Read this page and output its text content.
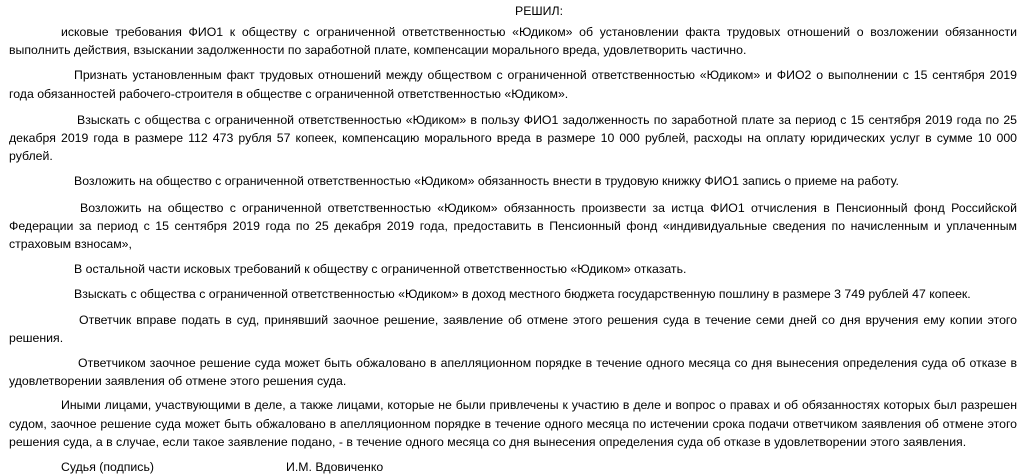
РЕШИЛ:

исковые требования ФИО1 к обществу с ограниченной ответственностью «Юдиком» об установлении факта трудовых отношений о возложении обязанности выполнить действия, взыскании задолженности по заработной плате, компенсации морального вреда, удовлетворить частично.

Признать установленным факт трудовых отношений между обществом с ограниченной ответственностью «Юдиком» и ФИО2 о выполнении с 15 сентября 2019 года обязанностей рабочего-строителя в обществе с ограниченной ответственностью «Юдиком».

Взыскать с общества с ограниченной ответственностью «Юдиком» в пользу ФИО1 задолженность по заработной плате за период с 15 сентября 2019 года по 25 декабря 2019 года в размере 112 473 рубля 57 копеек, компенсацию морального вреда в размере 10 000 рублей, расходы на оплату юридических услуг в сумме 10 000 рублей.

Возложить на общество с ограниченной ответственностью «Юдиком» обязанность внести в трудовую книжку ФИО1 запись о приеме на работу.

Возложить на общество с ограниченной ответственностью «Юдиком» обязанность произвести за истца ФИО1 отчисления в Пенсионный фонд Российской Федерации за период с 15 сентября 2019 года по 25 декабря 2019 года, предоставить в Пенсионный фонд «индивидуальные сведения по начисленным и уплаченным страховым взносам»,

В остальной части исковых требований к обществу с ограниченной ответственностью «Юдиком» отказать.

Взыскать с общества с ограниченной ответственностью «Юдиком» в доход местного бюджета государственную пошлину в размере 3 749 рублей 47 копеек.

Ответчик вправе подать в суд, принявший заочное решение, заявление об отмене этого решения суда в течение семи дней со дня вручения ему копии этого решения.

Ответчиком заочное решение суда может быть обжаловано в апелляционном порядке в течение одного месяца со дня вынесения определения суда об отказе в удовлетворении заявления об отмене этого решения суда.

Иными лицами, участвующими в деле, а также лицами, которые не были привлечены к участию в деле и вопрос о правах и об обязанностях которых был разрешен судом, заочное решение суда может быть обжаловано в апелляционном порядке в течение одного месяца по истечении срока подачи ответчиком заявления об отмене этого решения суда, а в случае, если такое заявление подано, - в течение одного месяца со дня вынесения определения суда об отказе в удовлетворении этого заявления.

Судья (подпись)	И.М. Вдовиченко
